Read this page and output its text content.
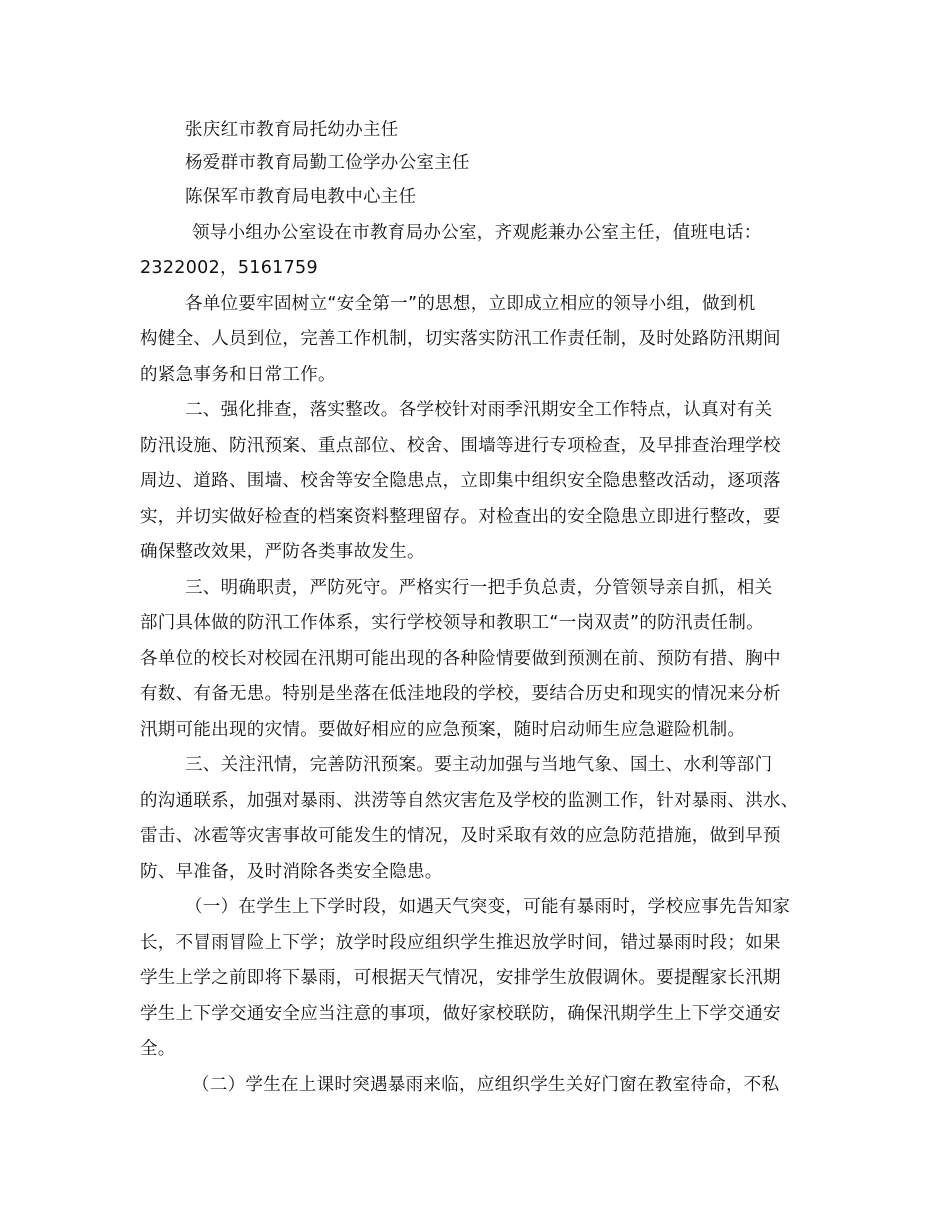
张庆红市教育局托幼办主任
杨爱群市教育局勤工俭学办公室主任
陈保军市教育局电教中心主任
领导小组办公室设在市教育局办公室，齐观彪兼办公室主任，值班电话：
2322002，5161759
各单位要牢固树立“安全第一”的思想，立即成立相应的领导小组，做到机
构健全、人员到位，完善工作机制，切实落实防汛工作责任制，及时处路防汛期间
的紧急事务和日常工作。
二、强化排查，落实整改。各学校针对雨季汛期安全工作特点，认真对有关
防汛设施、防汛预案、重点部位、校舍、围墙等进行专项检查，及早排查治理学校
周边、道路、围墙、校舍等安全隐患点，立即集中组织安全隐患整改活动，逐项落
实，并切实做好检查的档案资料整理留存。对检查出的安全隐患立即进行整改，要
确保整改效果，严防各类事故发生。
三、明确职责，严防死守。严格实行一把手负总责，分管领导亲自抓，相关
部门具体做的防汛工作体系，实行学校领导和教职工“一岗双责”的防汛责任制。
各单位的校长对校园在汛期可能出现的各种险情要做到预测在前、预防有措、胸中
有数、有备无患。特别是坐落在低洼地段的学校，要结合历史和现实的情况来分析
汛期可能出现的灾情。要做好相应的应急预案，随时启动师生应急避险机制。
三、关注汛情，完善防汛预案。要主动加强与当地气象、国土、水利等部门
的沟通联系，加强对暴雨、洪涝等自然灾害危及学校的监测工作，针对暴雨、洪水、
雷击、冰雹等灾害事故可能发生的情况，及时采取有效的应急防范措施，做到早预
防、早准备，及时消除各类安全隐患。
（一）在学生上下学时段，如遇天气突变，可能有暴雨时，学校应事先告知家
长，不冒雨冒险上下学；放学时段应组织学生推迟放学时间，错过暴雨时段；如果
学生上学之前即将下暴雨，可根据天气情况，安排学生放假调休。要提醒家长汛期
学生上下学交通安全应当注意的事项，做好家校联防，确保汛期学生上下学交通安
全。
（二）学生在上课时突遇暴雨来临，应组织学生关好门窗在教室待命，不私
